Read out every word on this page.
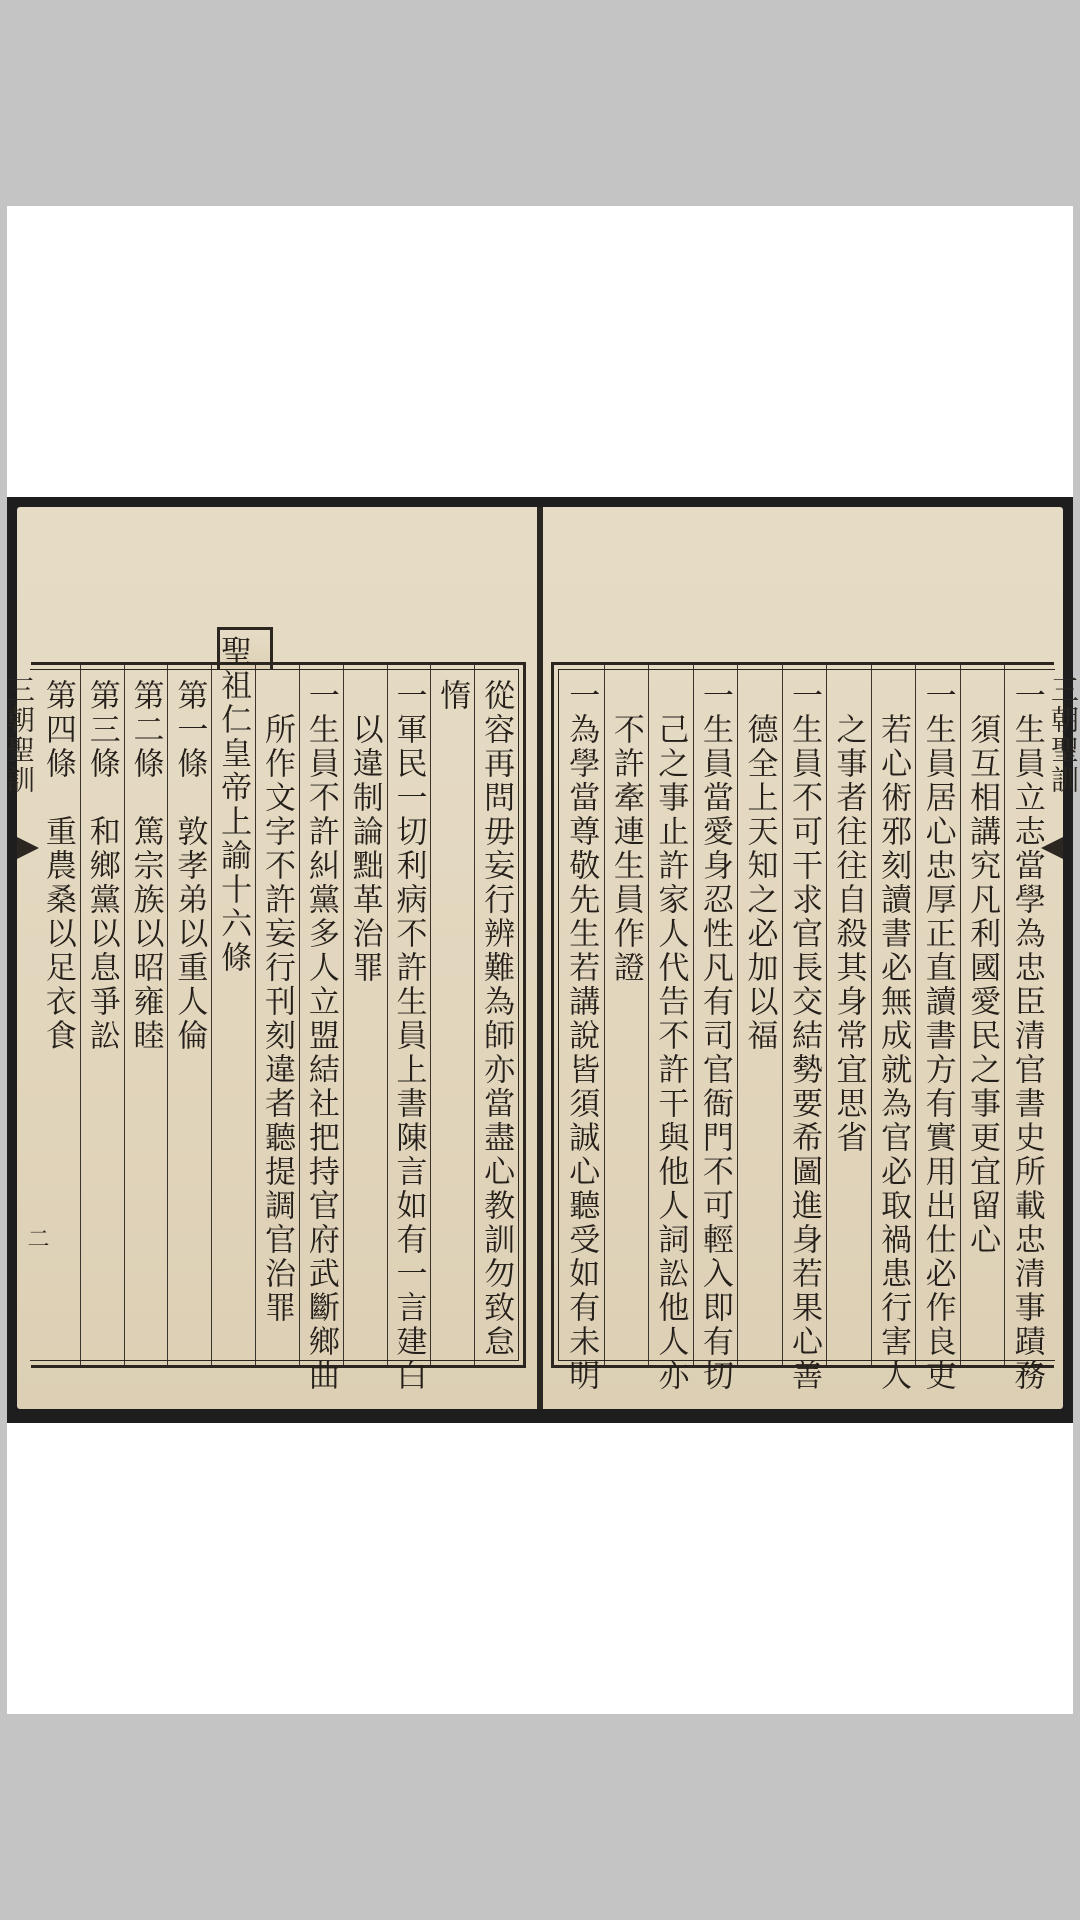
從容再問毋妄行辨難為師亦當盡心教訓勿致怠
惰
一軍民一切利病不許生員上書陳言如有一言建白
以違制論黜革治罪
一生員不許糾黨多人立盟結社把持官府武斷鄉曲
所作文字不許妄行刊刻違者聽提調官治罪
聖祖仁皇帝上諭十六條
第一條　敦孝弟以重人倫
第二條　篤宗族以昭雍睦
第三條　和鄉黨以息爭訟
第四條　重農桑以足衣食
三朝聖訓
二	一生員立志當學為忠臣清官書史所載忠清事蹟務
須互相講究凡利國愛民之事更宜留心
一生員居心忠厚正直讀書方有實用出仕必作良吏
若心術邪刻讀書必無成就為官必取禍患行害人
之事者往往自殺其身常宜思省
一生員不可干求官長交結勢要希圖進身若果心善
德全上天知之必加以福
一生員當愛身忍性凡有司官衙門不可輕入即有切
己之事止許家人代告不許干與他人詞訟他人亦
不許牽連生員作證
一為學當尊敬先生若講說皆須誠心聽受如有未明	三朝聖訓
